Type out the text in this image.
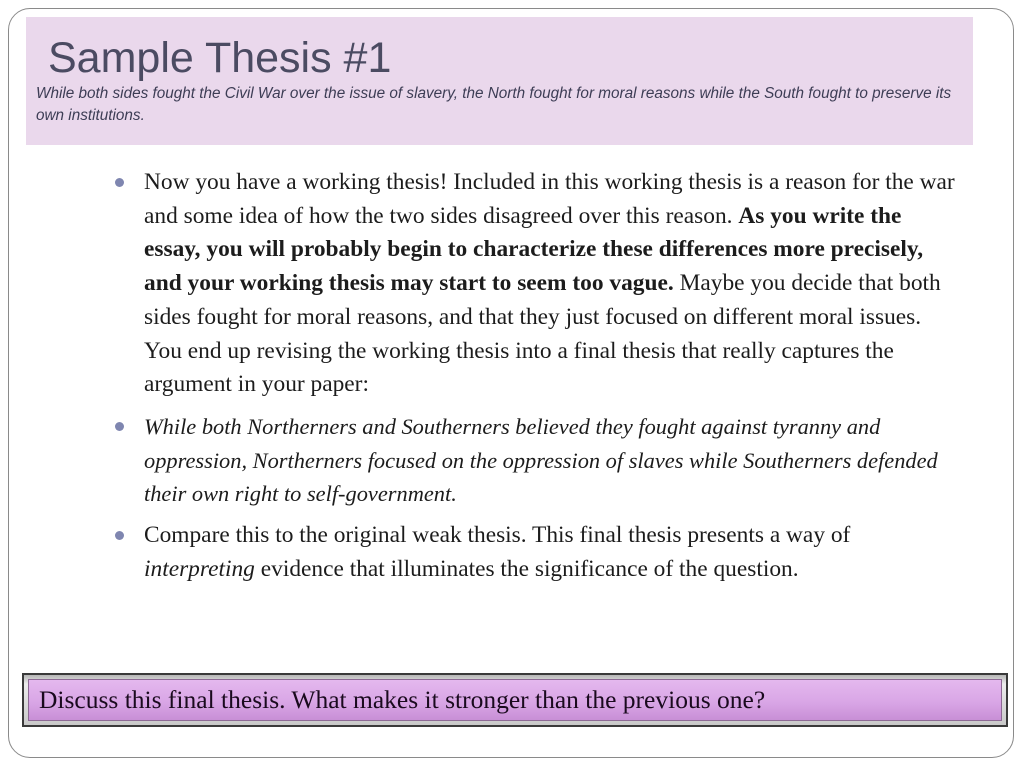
Sample Thesis #1

While both sides fought the Civil War over the issue of slavery, the North fought for moral reasons while the South fought to preserve its own institutions.

Now you have a working thesis! Included in this working thesis is a reason for the war and some idea of how the two sides disagreed over this reason. As you write the essay, you will probably begin to characterize these differences more precisely, and your working thesis may start to seem too vague. Maybe you decide that both sides fought for moral reasons, and that they just focused on different moral issues. You end up revising the working thesis into a final thesis that really captures the argument in your paper:
While both Northerners and Southerners believed they fought against tyranny and oppression, Northerners focused on the oppression of slaves while Southerners defended their own right to self-government.
Compare this to the original weak thesis. This final thesis presents a way of interpreting evidence that illuminates the significance of the question.
Discuss this final thesis. What makes it stronger than the previous one?
